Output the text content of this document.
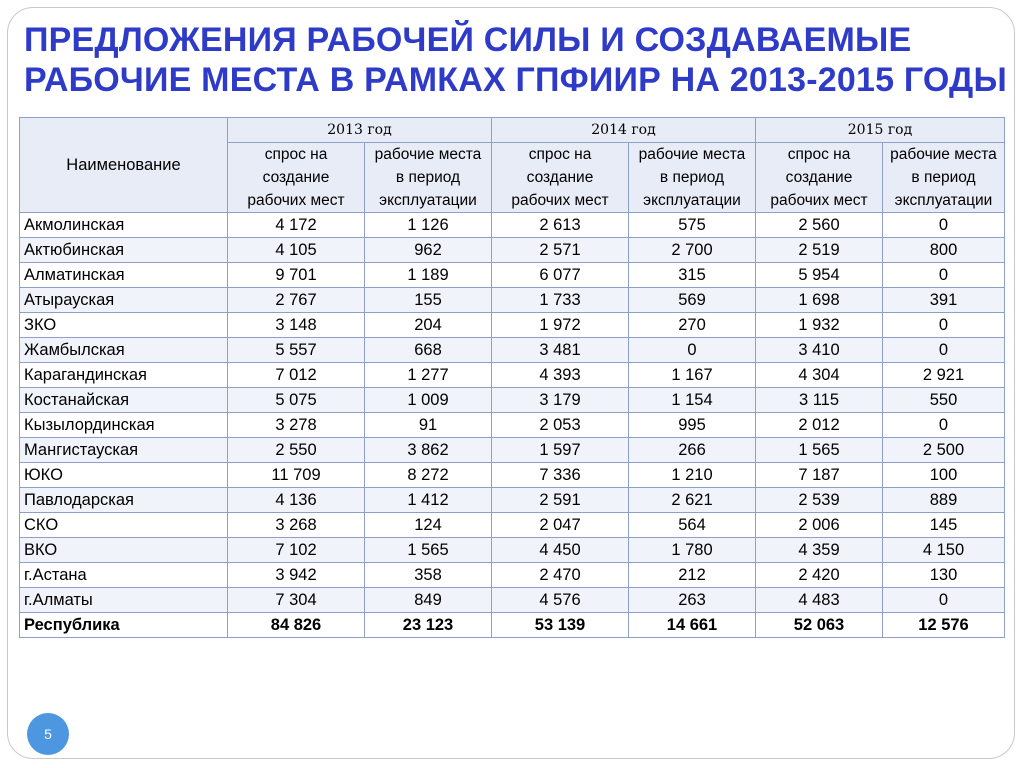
ПРЕДЛОЖЕНИЯ РАБОЧЕЙ СИЛЫ И СОЗДАВАЕМЫЕ
РАБОЧИЕ МЕСТА В РАМКАХ ГПФИИР НА 2013-2015 ГОДЫ
Наименование	2013 год		2014 год		2015 год	
	спрос на создание рабочих мест	рабочие места в период эксплуатации	спрос на создание рабочих мест	рабочие места в период эксплуатации	спрос на создание рабочих мест	рабочие места в период эксплуатации
Акмолинская	4 172	1 126	2 613	575	2 560	0
Актюбинская	4 105	962	2 571	2 700	2 519	800
Алматинская	9 701	1 189	6 077	315	5 954	0
Атырауская	2 767	155	1 733	569	1 698	391
ЗКО	3 148	204	1 972	270	1 932	0
Жамбылская	5 557	668	3 481	0	3 410	0
Карагандинская	7 012	1 277	4 393	1 167	4 304	2 921
Костанайская	5 075	1 009	3 179	1 154	3 115	550
Кызылординская	3 278	91	2 053	995	2 012	0
Мангистауская	2 550	3 862	1 597	266	1 565	2 500
ЮКО	11 709	8 272	7 336	1 210	7 187	100
Павлодарская	4 136	1 412	2 591	2 621	2 539	889
СКО	3 268	124	2 047	564	2 006	145
ВКО	7 102	1 565	4 450	1 780	4 359	4 150
г.Астана	3 942	358	2 470	212	2 420	130
г.Алматы	7 304	849	4 576	263	4 483	0
Республика	84 826	23 123	53 139	14 661	52 063	12 576
5
